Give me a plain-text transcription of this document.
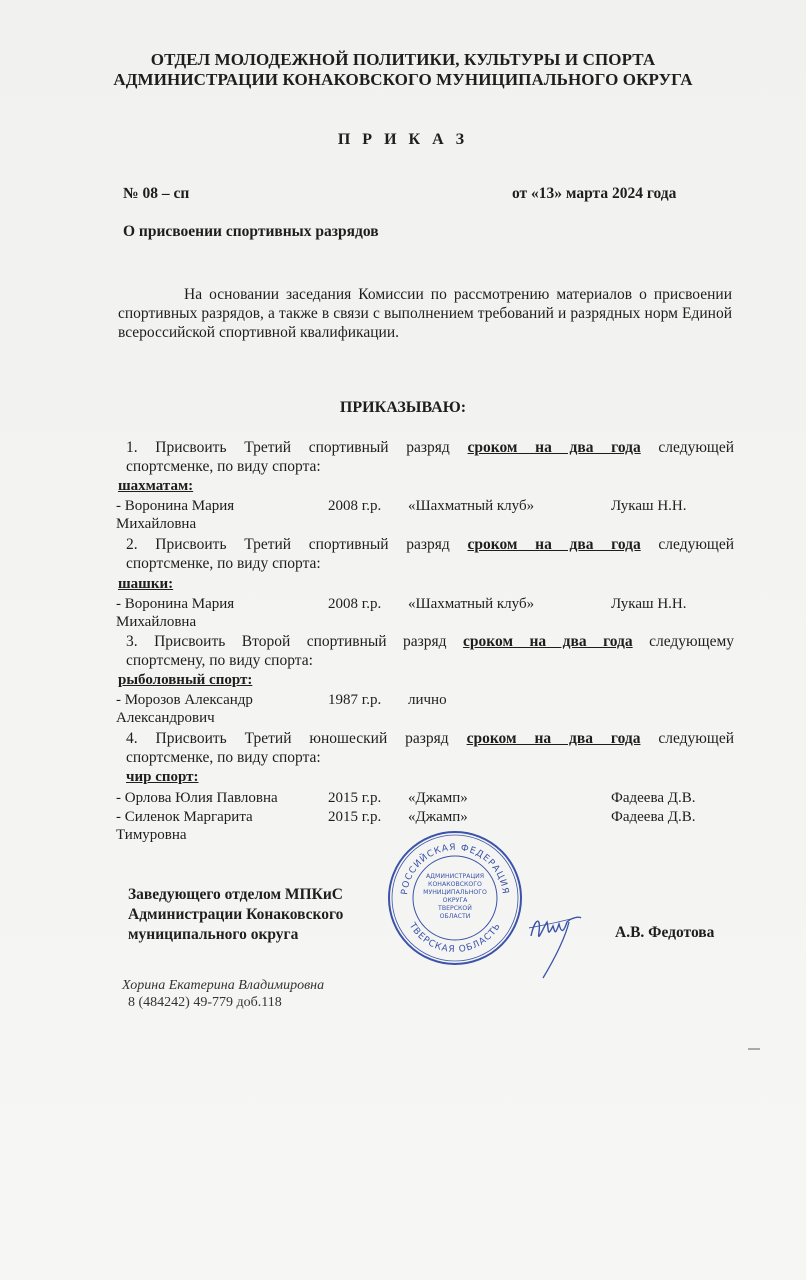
ОТДЕЛ МОЛОДЕЖНОЙ ПОЛИТИКИ, КУЛЬТУРЫ И СПОРТА
АДМИНИСТРАЦИИ КОНАКОВСКОГО МУНИЦИПАЛЬНОГО ОКРУГА
П Р И К А З
№ 08 – сп	от «13» марта 2024 года
О присвоении спортивных разрядов
На основании заседания Комиссии по рассмотрению материалов о присвоении спортивных разрядов, а также в связи с выполнением требований и разрядных норм Единой всероссийской спортивной квалификации.
ПРИКАЗЫВАЮ:
1. Присвоить Третий спортивный разряд сроком на два года следующей
спортсменке, по виду спорта:
шахматам:
- Воронина Мария
Михайловна
2008 г.р. «Шахматный клуб»	Лукаш Н.Н.
2. Присвоить Третий спортивный разряд сроком на два года следующей
спортсменке, по виду спорта:
шашки:
- Воронина Мария
Михайловна
2008 г.р. «Шахматный клуб»	Лукаш Н.Н.
3. Присвоить Второй спортивный разряд сроком на два года следующему
спортсмену, по виду спорта:
рыболовный спорт:
- Морозов Александр
Александрович
1987 г.р. лично
4. Присвоить Третий юношеский разряд сроком на два года следующей
спортсменке, по виду спорта:
чир спорт:
- Орлова Юлия Павловна	2015 г.р. «Джамп»	Фадеева Д.В.
- Силенок Маргарита
Тимуровна
2015 г.р. «Джамп»	Фадеева Д.В.
Заведующего отделом МПКиС
Администрации Конаковского
муниципального округа	А.В. Федотова
РОССИЙСКАЯ ФЕДЕРАЦИЯ
ТВЕРСКАЯ ОБЛАСТЬ
АДМИНИСТРАЦИЯ
КОНАКОВСКОГО
МУНИЦИПАЛЬНОГО
ОКРУГА
ТВЕРСКОЙ
ОБЛАСТИ
Хорина Екатерина Владимировна
8 (484242) 49-779 доб.118
